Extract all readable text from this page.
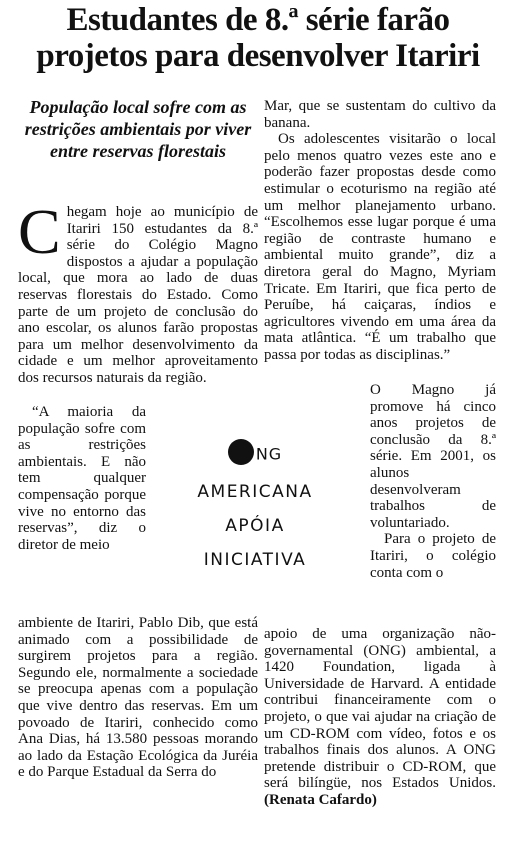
Estudantes de 8.ª série farão
projetos para desenvolver Itariri
População local sofre com as restrições ambientais por viver entre reservas florestais

Chegam hoje ao município de Itariri 150 estudantes da 8.ª série do Colégio Magno dispostos a ajudar a população local, que mora ao lado de duas reservas florestais do Estado. Como parte de um projeto de conclusão do ano escolar, os alunos farão propostas para um melhor desenvolvimento da cidade e um melhor aproveitamento dos recursos naturais da região.

“A maioria da população sofre com as restrições ambientais. E não tem qualquer compensação porque vive no entorno das reservas”, diz o diretor de meio

ambiente de Itariri, Pablo Dib, que está animado com a possibilidade de surgirem projetos para a região. Segundo ele, normalmente a sociedade se preocupa apenas com a população que vive dentro das reservas. Em um povoado de Itariri, conhecido como Ana Dias, há 13.580 pessoas morando ao lado da Estação Ecológica da Juréia e do Parque Estadual da Serra do

Mar, que se sustentam do cultivo da banana.

Os adolescentes visitarão o local pelo menos quatro vezes este ano e poderão fazer propostas desde como estimular o ecoturismo na região até um melhor planejamento urbano. “Escolhemos esse lugar porque é uma região de contraste humano e ambiental muito grande”, diz a diretora geral do Magno, Myriam Tricate. Em Itariri, que fica perto de Peruíbe, há caiçaras, índios e agricultores vivendo em uma área da mata atlântica. “É um trabalho que passa por todas as disciplinas.”

O Magno já promove há cinco anos projetos de conclusão da 8.ª série. Em 2001, os alunos desenvolveram trabalhos de voluntariado.

Para o projeto de Itariri, o colégio conta com o

apoio de uma organização não-governamental (ONG) ambiental, a 1420 Foundation, ligada à Universidade de Harvard. A entidade contribui financeiramente com o projeto, o que vai ajudar na criação de um CD-ROM com vídeo, fotos e os trabalhos finais dos alunos. A ONG pretende distribuir o CD-ROM, que será bilíngüe, nos Estados Unidos. (Renata Cafardo)

NG
AMERICANA
APÓIA
INICIATIVA
